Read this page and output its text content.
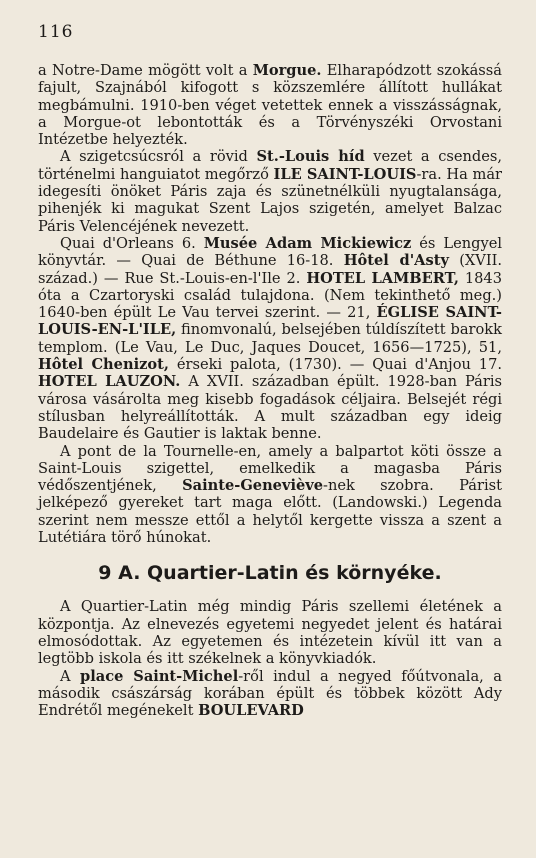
116

a Notre-Dame mögött volt a Morgue. Elharapódzott szokássá fajult, Szajnából kifogott s közszemlére állított hullákat megbámulni. 1910-ben véget vetettek ennek a visszásságnak, a Morgue-ot lebontották és a Törvényszéki Orvostani Intézetbe helyezték.

A szigetcsúcsról a rövid St.-Louis híd vezet a csendes, történelmi hanguiatot megőrző ILE SAINT-LOUIS-ra. Ha már idegesíti önöket Páris zaja és szünetnélküli nyugtalansága, pihenjék ki magukat Szent Lajos szigetén, amelyet Balzac Páris Velencéjének nevezett.

Quai d'Orleans 6. Musée Adam Mickiewicz és Lengyel könyvtár. — Quai de Béthune 16-18. Hôtel d'Asty (XVII. század.) — Rue St.-Louis-en-l'Ile 2. HOTEL LAMBERT, 1843 óta a Czartoryski család tulajdona. (Nem tekinthető meg.) 1640-ben épült Le Vau tervei szerint. — 21, ÉGLISE SAINT-LOUIS-EN-L'ILE, finomvonalú, belsejében túldíszített barokk templom. (Le Vau, Le Duc, Jaques Doucet, 1656—1725), 51, Hôtel Chenizot, érseki palota, (1730). — Quai d'Anjou 17. HOTEL LAUZON. A XVII. században épült. 1928-ban Páris városa vásárolta meg kisebb fogadások céljaira. Belsejét régi stílusban helyreállították. A mult században egy ideig Baudelaire és Gautier is laktak benne.

A pont de la Tournelle-en, amely a balpartot köti össze a Saint-Louis szigettel, emelkedik a magasba Páris védőszentjének, Sainte-Geneviève-nek szobra. Párist jelképező gyereket tart maga előtt. (Landowski.) Legenda szerint nem messze ettől a helytől kergette vissza a szent a Lutétiára törő húnokat.

9 A. Quartier-Latin és környéke.

A Quartier-Latin még mindig Páris szellemi életének a központja. Az elnevezés egyetemi negyedet jelent és határai elmosódottak. Az egyetemen és intézetein kívül itt van a legtöbb iskola és itt székelnek a könyvkiadók.

A place Saint-Michel-ről indul a negyed főútvonala, a második császárság korában épült és többek között Ady Endrétől megénekelt BOULEVARD
